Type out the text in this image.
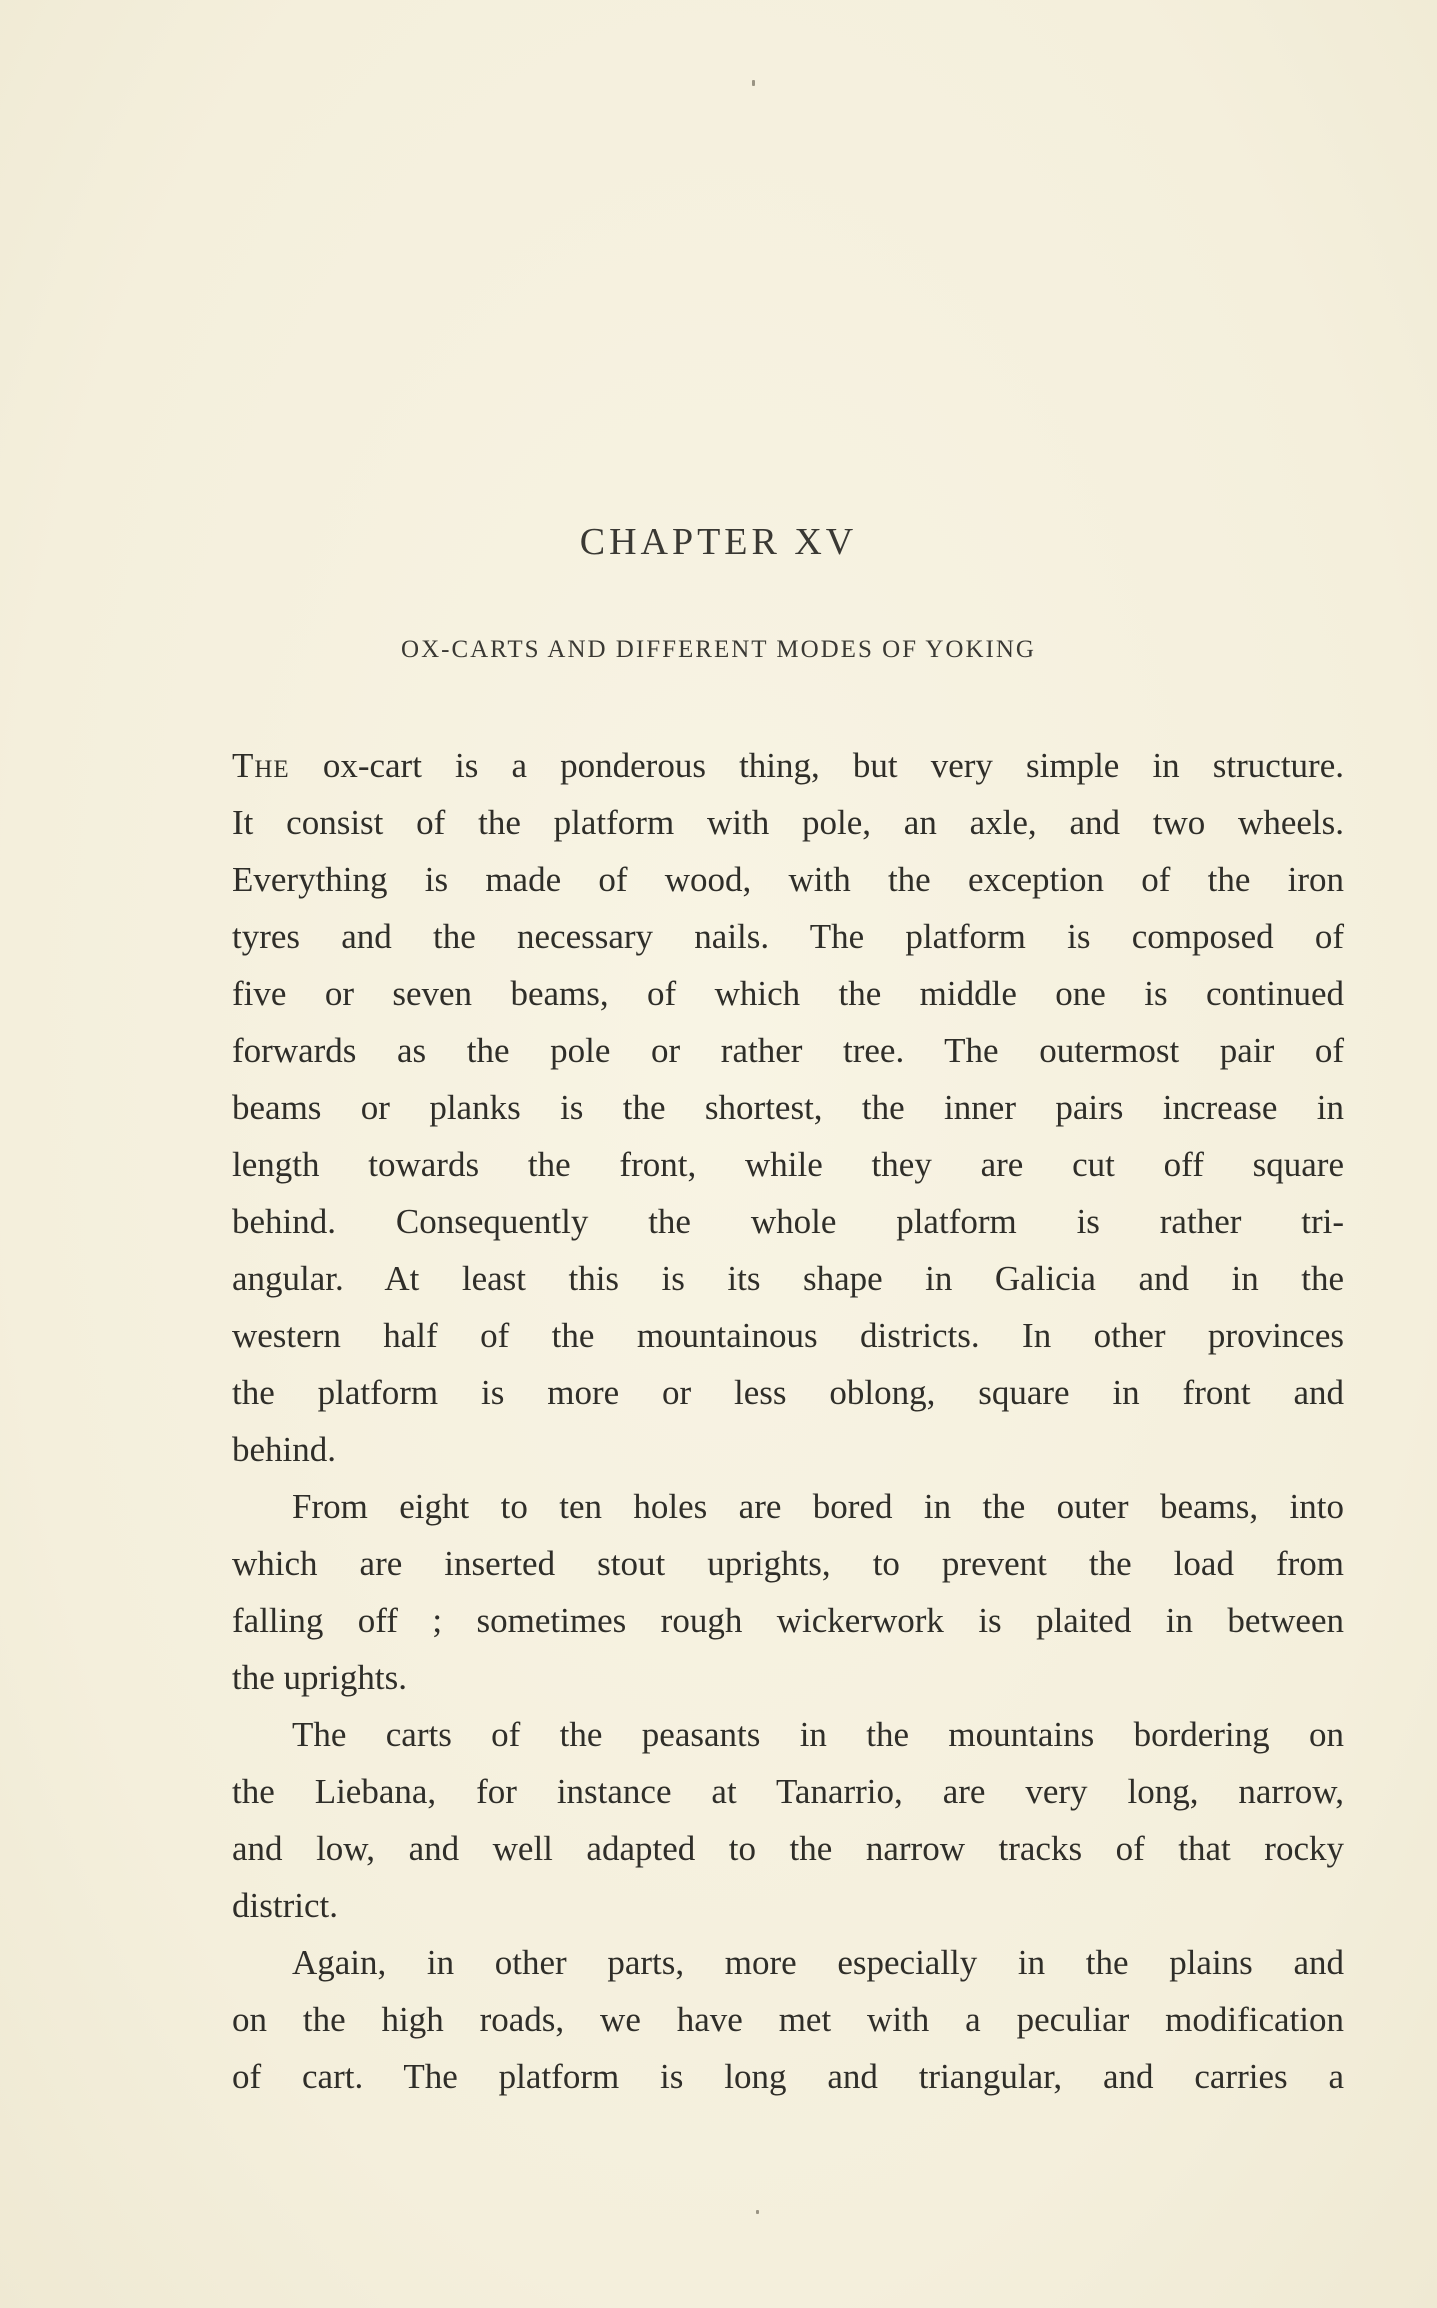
CHAPTER XV
OX-CARTS AND DIFFERENT MODES OF YOKING
The ox-cart is a ponderous thing, but very simple in structure.
It consist of the platform with pole, an axle, and two wheels.
Everything is made of wood, with the exception of the iron
tyres and the necessary nails. The platform is composed of
five or seven beams, of which the middle one is continued
forwards as the pole or rather tree. The outermost pair of
beams or planks is the shortest, the inner pairs increase in
length towards the front, while they are cut off square
behind. Consequently the whole platform is rather tri-
angular. At least this is its shape in Galicia and in the
western half of the mountainous districts. In other provinces
the platform is more or less oblong, square in front and
behind.
From eight to ten holes are bored in the outer beams, into
which are inserted stout uprights, to prevent the load from
falling off ; sometimes rough wickerwork is plaited in between
the uprights.
The carts of the peasants in the mountains bordering on
the Liebana, for instance at Tanarrio, are very long, narrow,
and low, and well adapted to the narrow tracks of that rocky
district.
Again, in other parts, more especially in the plains and
on the high roads, we have met with a peculiar modification
of cart. The platform is long and triangular, and carries a
